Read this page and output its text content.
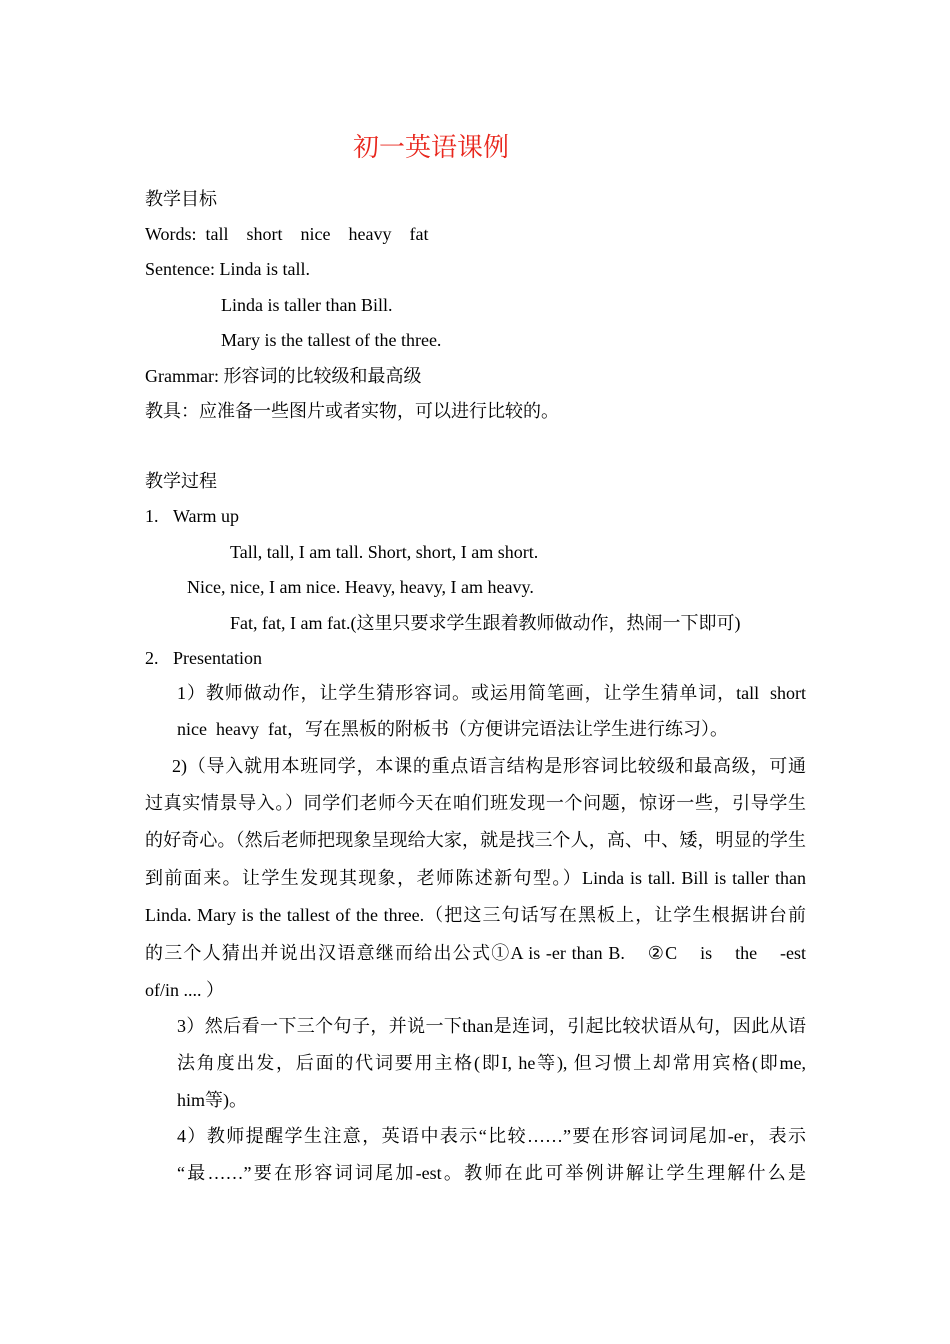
初一英语课例
教学目标
Words:  tall    short    nice    heavy    fat
Sentence: Linda is tall.
Linda is taller than Bill.
Mary is the tallest of the three.
Grammar: 形容词的比较级和最高级
教具：应准备一些图片或者实物，可以进行比较的。
教学过程
1. Warm up
Tall, tall, I am tall. Short, short, I am short.
Nice, nice, I am nice. Heavy, heavy, I am heavy.
Fat, fat, I am fat.(这里只要求学生跟着教师做动作，热闹一下即可)
2. Presentation
1）教师做动作，让学生猜形容词。或运用简笔画，让学生猜单词，tall  short
nice  heavy  fat，写在黑板的附板书（方便讲完语法让学生进行练习）。
2)（导入就用本班同学，本课的重点语言结构是形容词比较级和最高级，可通
过真实情景导入。）同学们老师今天在咱们班发现一个问题，惊讶一些，引导学生
的好奇心。（然后老师把现象呈现给大家，就是找三个人，高、中、矮，明显的学生
到前面来。让学生发现其现象，老师陈述新句型。）Linda is tall. Bill is taller than
Linda. Mary is the tallest of the three.（把这三句话写在黑板上，让学生根据讲台前
的三个人猜出并说出汉语意继而给出公式①A is -er than B.    ②C    is    the    -est
of/in .... ）
3）然后看一下三个句子，并说一下than是连词，引起比较状语从句，因此从语
法角度出发，后面的代词要用主格(即I, he等), 但习惯上却常用宾格(即me,
him等)。
4）教师提醒学生注意，英语中表示“比较……”要在形容词词尾加-er，表示
“最……”要在形容词词尾加-est。教师在此可举例讲解让学生理解什么是
